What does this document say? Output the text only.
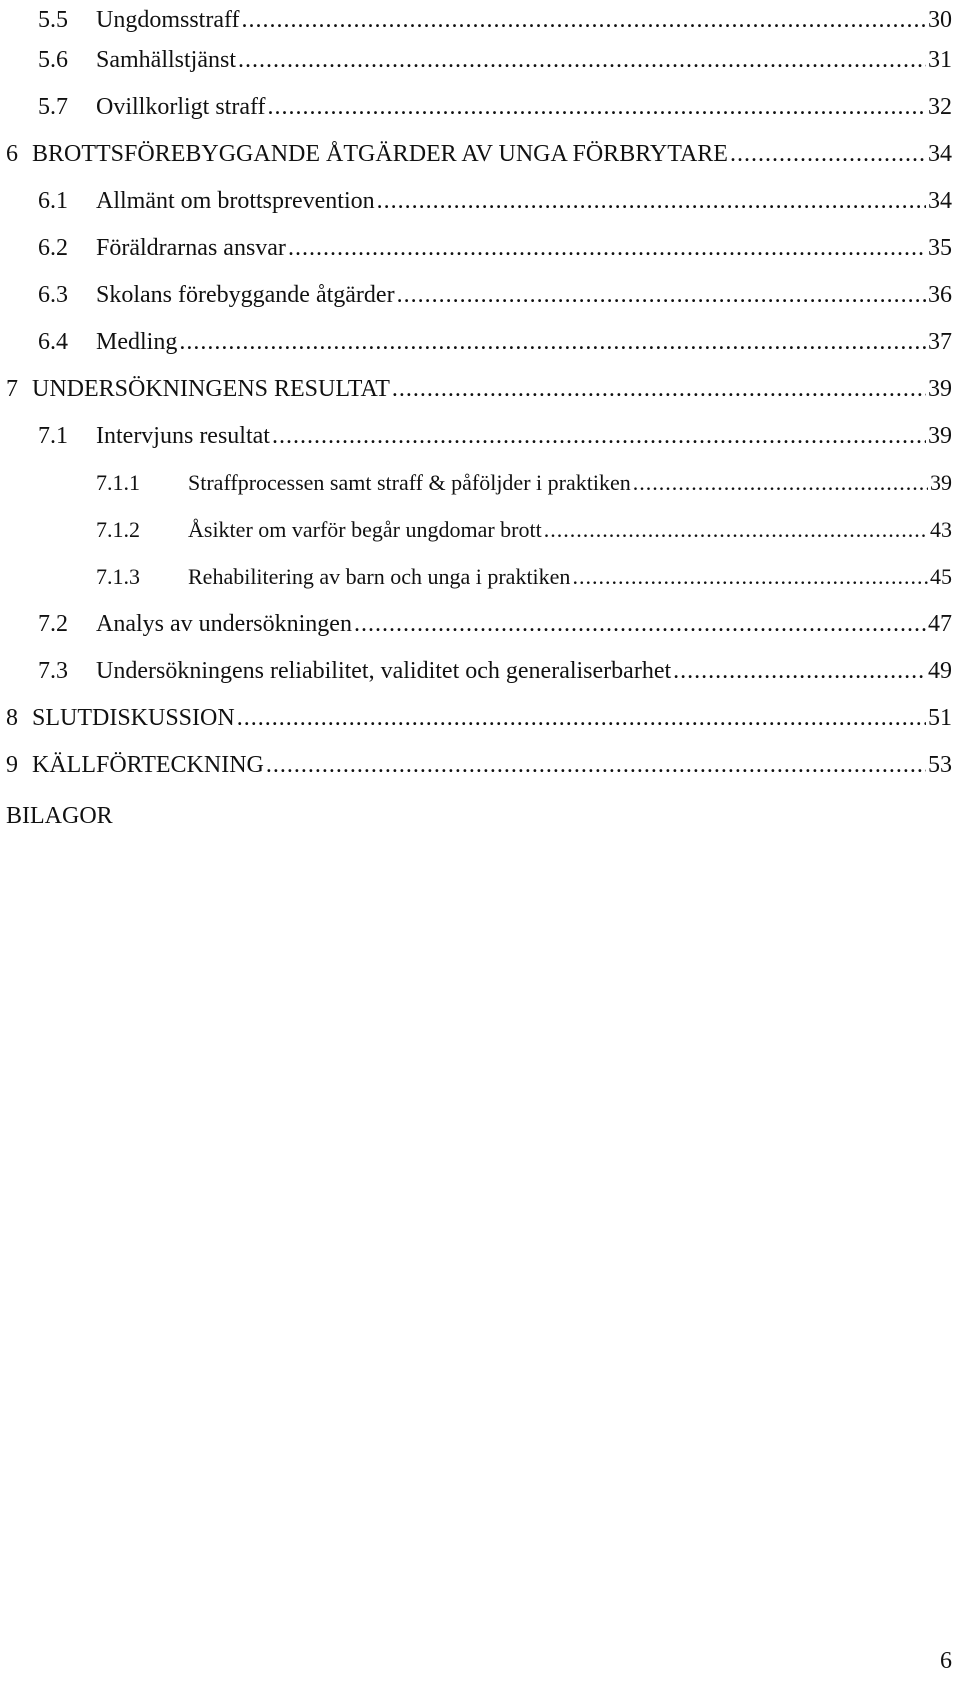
5.5	Ungdomsstraff .....	30
5.6	Samhällstjänst .....	31
5.7	Ovillkorligt straff .....	32
6 BROTTSFÖREBYGGANDE ÅTGÄRDER AV UNGA FÖRBRYTARE .....	34
6.1	Allmänt om brottsprevention .....	34
6.2	Föräldrarnas ansvar .....	35
6.3	Skolans förebyggande åtgärder .....	36
6.4	Medling .....	37
7 UNDERSÖKNINGENS RESULTAT .....	39
7.1	Intervjuns resultat .....	39
7.1.1	Straffprocessen samt straff & påföljder i praktiken .....	39
7.1.2	Åsikter om varför begår ungdomar brott .....	43
7.1.3	Rehabilitering av barn och unga i praktiken .....	45
7.2	Analys av undersökningen .....	47
7.3	Undersökningens reliabilitet, validitet och generaliserbarhet .....	49
8 SLUTDISKUSSION .....	51
9 KÄLLFÖRTECKNING .....	53
BILAGOR
6
